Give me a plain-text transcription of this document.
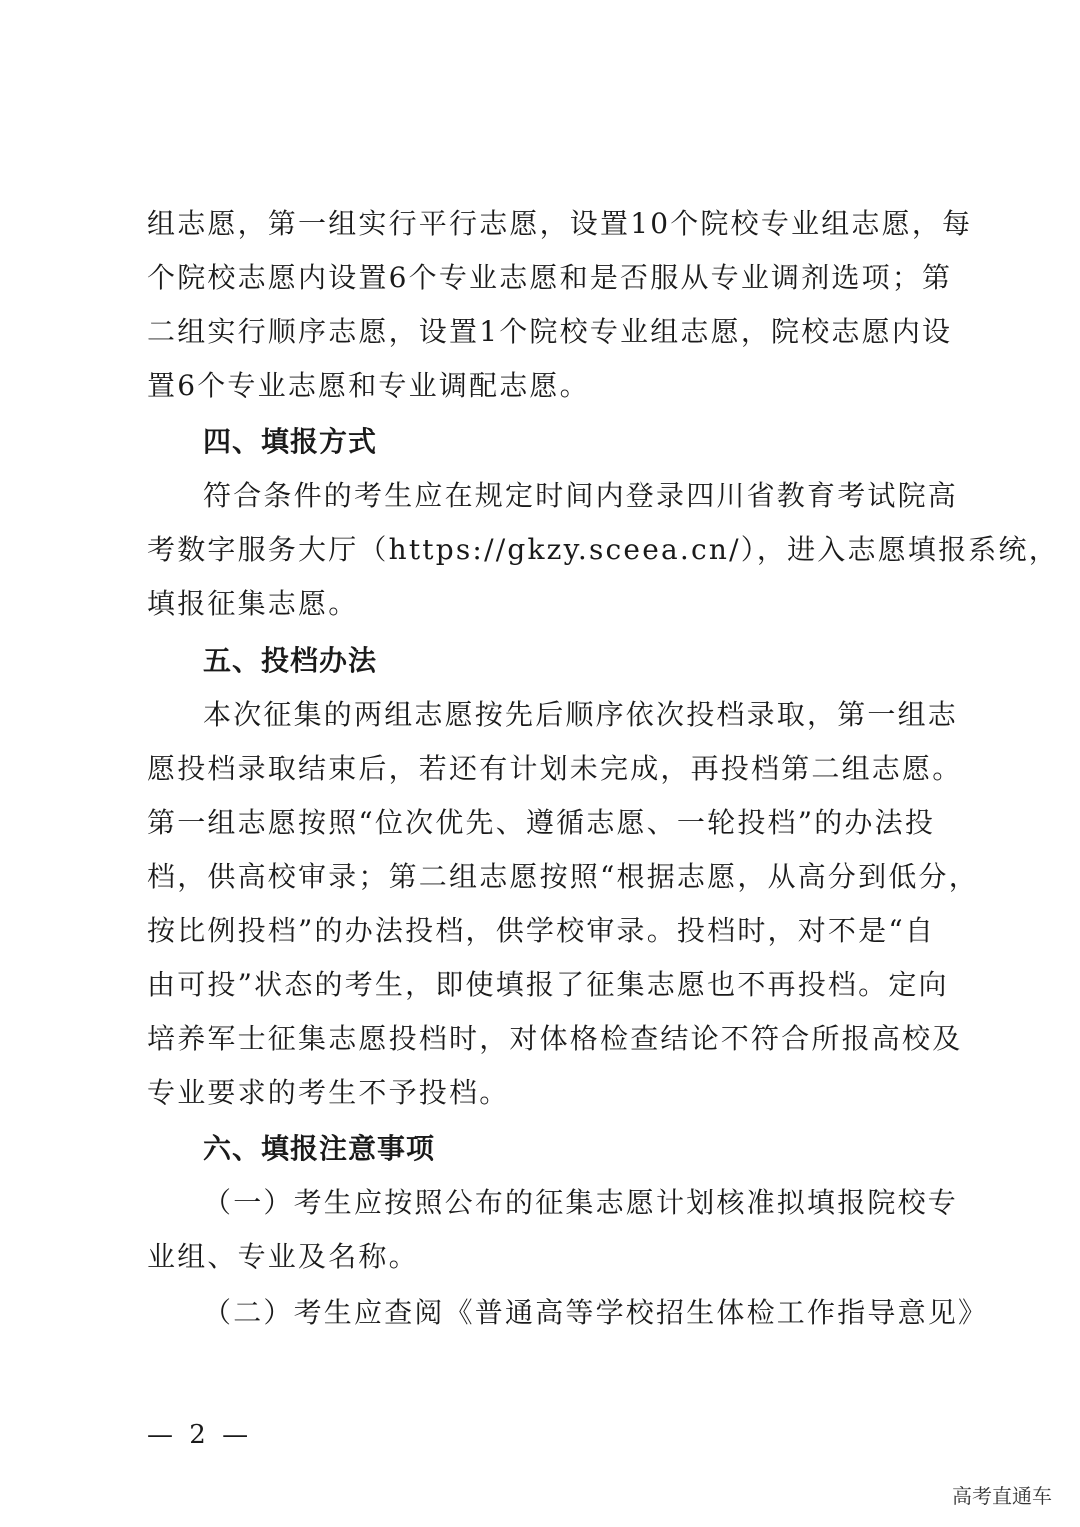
组志愿，第一组实行平行志愿，设置10个院校专业组志愿，每
个院校志愿内设置6个专业志愿和是否服从专业调剂选项；第
二组实行顺序志愿，设置1个院校专业组志愿，院校志愿内设
置6个专业志愿和专业调配志愿。
四、填报方式
符合条件的考生应在规定时间内登录四川省教育考试院高
考数字服务大厅（https://gkzy.sceea.cn/），进入志愿填报系统，
填报征集志愿。
五、投档办法
本次征集的两组志愿按先后顺序依次投档录取，第一组志
愿投档录取结束后，若还有计划未完成，再投档第二组志愿。
第一组志愿按照“位次优先、遵循志愿、一轮投档”的办法投
档，供高校审录；第二组志愿按照“根据志愿，从高分到低分，
按比例投档”的办法投档，供学校审录。投档时，对不是“自
由可投”状态的考生，即使填报了征集志愿也不再投档。定向
培养军士征集志愿投档时，对体格检查结论不符合所报高校及
专业要求的考生不予投档。
六、填报注意事项
（一）考生应按照公布的征集志愿计划核准拟填报院校专
业组、专业及名称。
（二）考生应查阅《普通高等学校招生体检工作指导意见》
— 2 —
高考直通车
